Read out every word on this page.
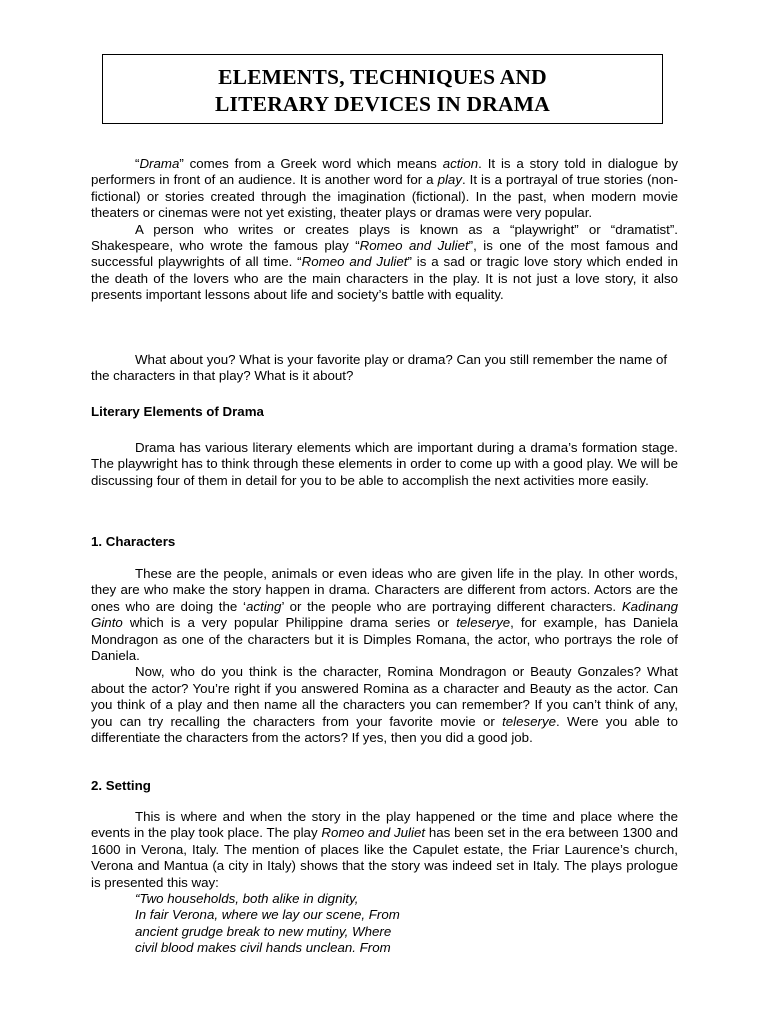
ELEMENTS, TECHNIQUES AND
LITERARY DEVICES IN DRAMA

“Drama” comes from a Greek word which means action. It is a story told in dialogue by performers in front of an audience. It is another word for a play. It is a portrayal of true stories (non-fictional) or stories created through the imagination (fictional). In the past, when modern movie theaters or cinemas were not yet existing, theater plays or dramas were very popular.

A person who writes or creates plays is known as a “playwright” or “dramatist”. Shakespeare, who wrote the famous play “Romeo and Juliet”, is one of the most famous and successful playwrights of all time. “Romeo and Juliet” is a sad or tragic love story which ended in the death of the lovers who are the main characters in the play. It is not just a love story, it also presents important lessons about life and society’s battle with equality.

What about you? What is your favorite play or drama? Can you still remember the name of the characters in that play? What is it about?

Literary Elements of Drama

Drama has various literary elements which are important during a drama’s formation stage. The playwright has to think through these elements in order to come up with a good play. We will be discussing four of them in detail for you to be able to accomplish the next activities more easily.

1. Characters

These are the people, animals or even ideas who are given life in the play. In other words, they are who make the story happen in drama. Characters are different from actors. Actors are the ones who are doing the ‘acting’ or the people who are portraying different characters. Kadinang Ginto which is a very popular Philippine drama series or teleserye, for example, has Daniela Mondragon as one of the characters but it is Dimples Romana, the actor, who portrays the role of Daniela.

Now, who do you think is the character, Romina Mondragon or Beauty Gonzales? What about the actor? You’re right if you answered Romina as a character and Beauty as the actor. Can you think of a play and then name all the characters you can remember? If you can’t think of any, you can try recalling the characters from your favorite movie or teleserye. Were you able to differentiate the characters from the actors? If yes, then you did a good job.

2. Setting

This is where and when the story in the play happened or the time and place where the events in the play took place. The play Romeo and Juliet has been set in the era between 1300 and 1600 in Verona, Italy. The mention of places like the Capulet estate, the Friar Laurence’s church, Verona and Mantua (a city in Italy) shows that the story was indeed set in Italy. The plays prologue is presented this way:

“Two households, both alike in dignity,
In fair Verona, where we lay our scene, From
ancient grudge break to new mutiny, Where
civil blood makes civil hands unclean. From
